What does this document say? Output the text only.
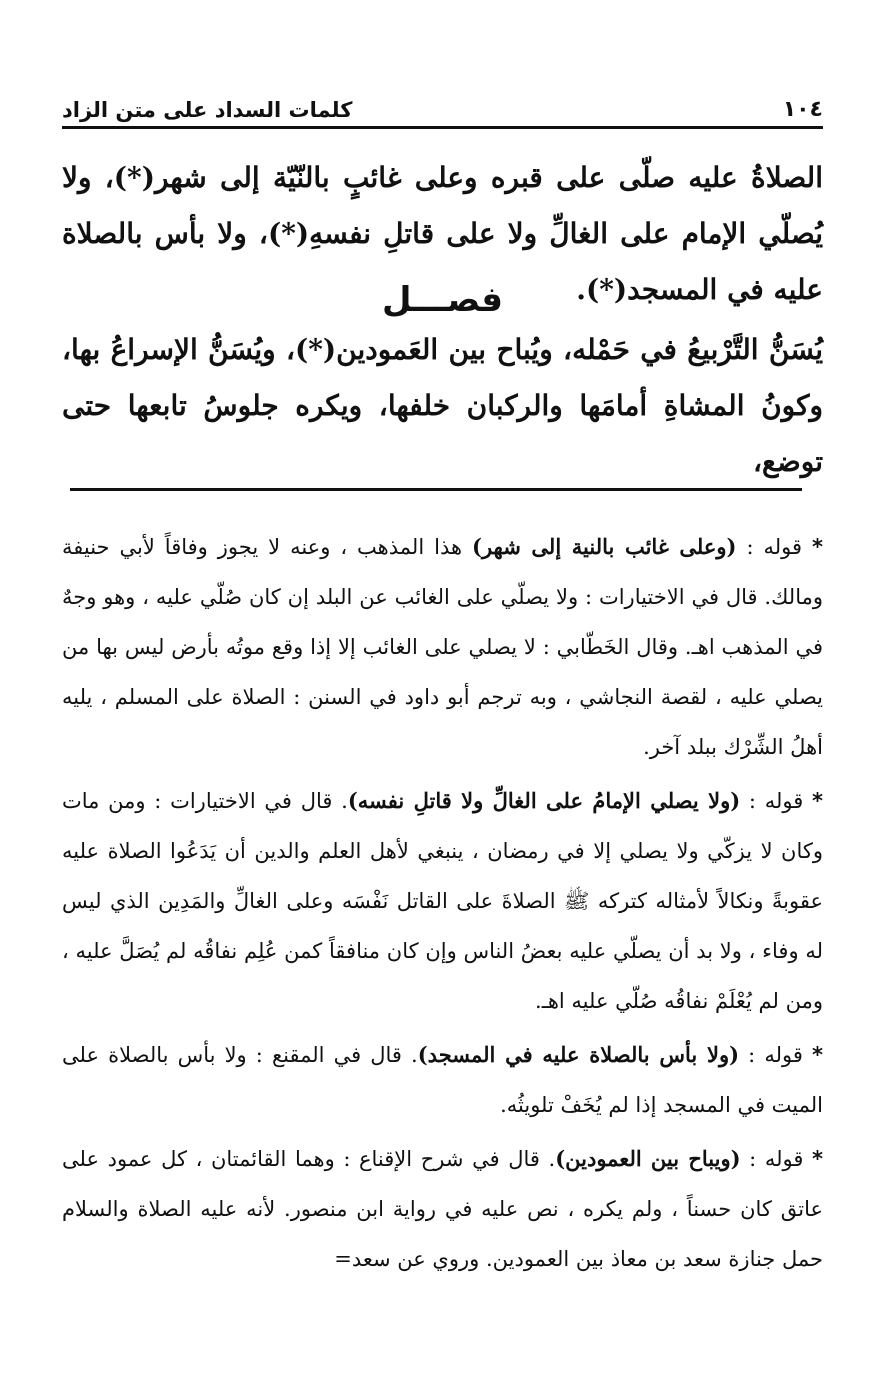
١٠٤
كلمات السداد على متن الزاد

الصلاةُ عليه صلّى على قبره وعلى غائبٍ بالنّيّة إلى شهر(*)، ولا يُصلّي الإمام على الغالِّ ولا على قاتلِ نفسهِ(*)، ولا بأس بالصلاة عليه في المسجد(*).

فصـــل

يُسَنُّ التَّرْبيعُ في حَمْله، ويُباح بين العَمودين(*)، ويُسَنُّ الإسراعُ بها، وكونُ المشاةِ أمامَها والركبان خلفها، ويكره جلوسُ تابعها حتى توضع،

* قوله : (وعلى غائب بالنية إلى شهر) هذا المذهب ، وعنه لا يجوز وفاقاً لأبي حنيفة ومالك. قال في الاختيارات : ولا يصلّي على الغائب عن البلد إن كان صُلّي عليه ، وهو وجهٌ في المذهب اهـ. وقال الخَطّابي : لا يصلي على الغائب إلا إذا وقع موتُه بأرض ليس بها من يصلي عليه ، لقصة النجاشي ، وبه ترجم أبو داود في السنن : الصلاة على المسلم ، يليه أهلُ الشِّرْك ببلد آخر.

* قوله : (ولا يصلي الإمامُ على الغالِّ ولا قاتلِ نفسه). قال في الاختيارات : ومن مات وكان لا يزكّي ولا يصلي إلا في رمضان ، ينبغي لأهل العلم والدين أن يَدَعُوا الصلاة عليه عقوبةً ونكالاً لأمثاله كتركه ﷺ الصلاةَ على القاتل نَفْسَه وعلى الغالِّ والمَدِين الذي ليس له وفاء ، ولا بد أن يصلّي عليه بعضُ الناس وإن كان منافقاً كمن عُلِم نفاقُه لم يُصَلَّ عليه ، ومن لم يُعْلَمْ نفاقُه صُلّي عليه اهـ.

* قوله : (ولا بأس بالصلاة عليه في المسجد). قال في المقنع : ولا بأس بالصلاة على الميت في المسجد إذا لم يُخَفْ تلويثُه.

* قوله : (ويباح بين العمودين). قال في شرح الإقناع : وهما القائمتان ، كل عمود على عاتق كان حسناً ، ولم يكره ، نص عليه في رواية ابن منصور. لأنه عليه الصلاة والسلام حمل جنازة سعد بن معاذ بين العمودين. وروي عن سعد=
